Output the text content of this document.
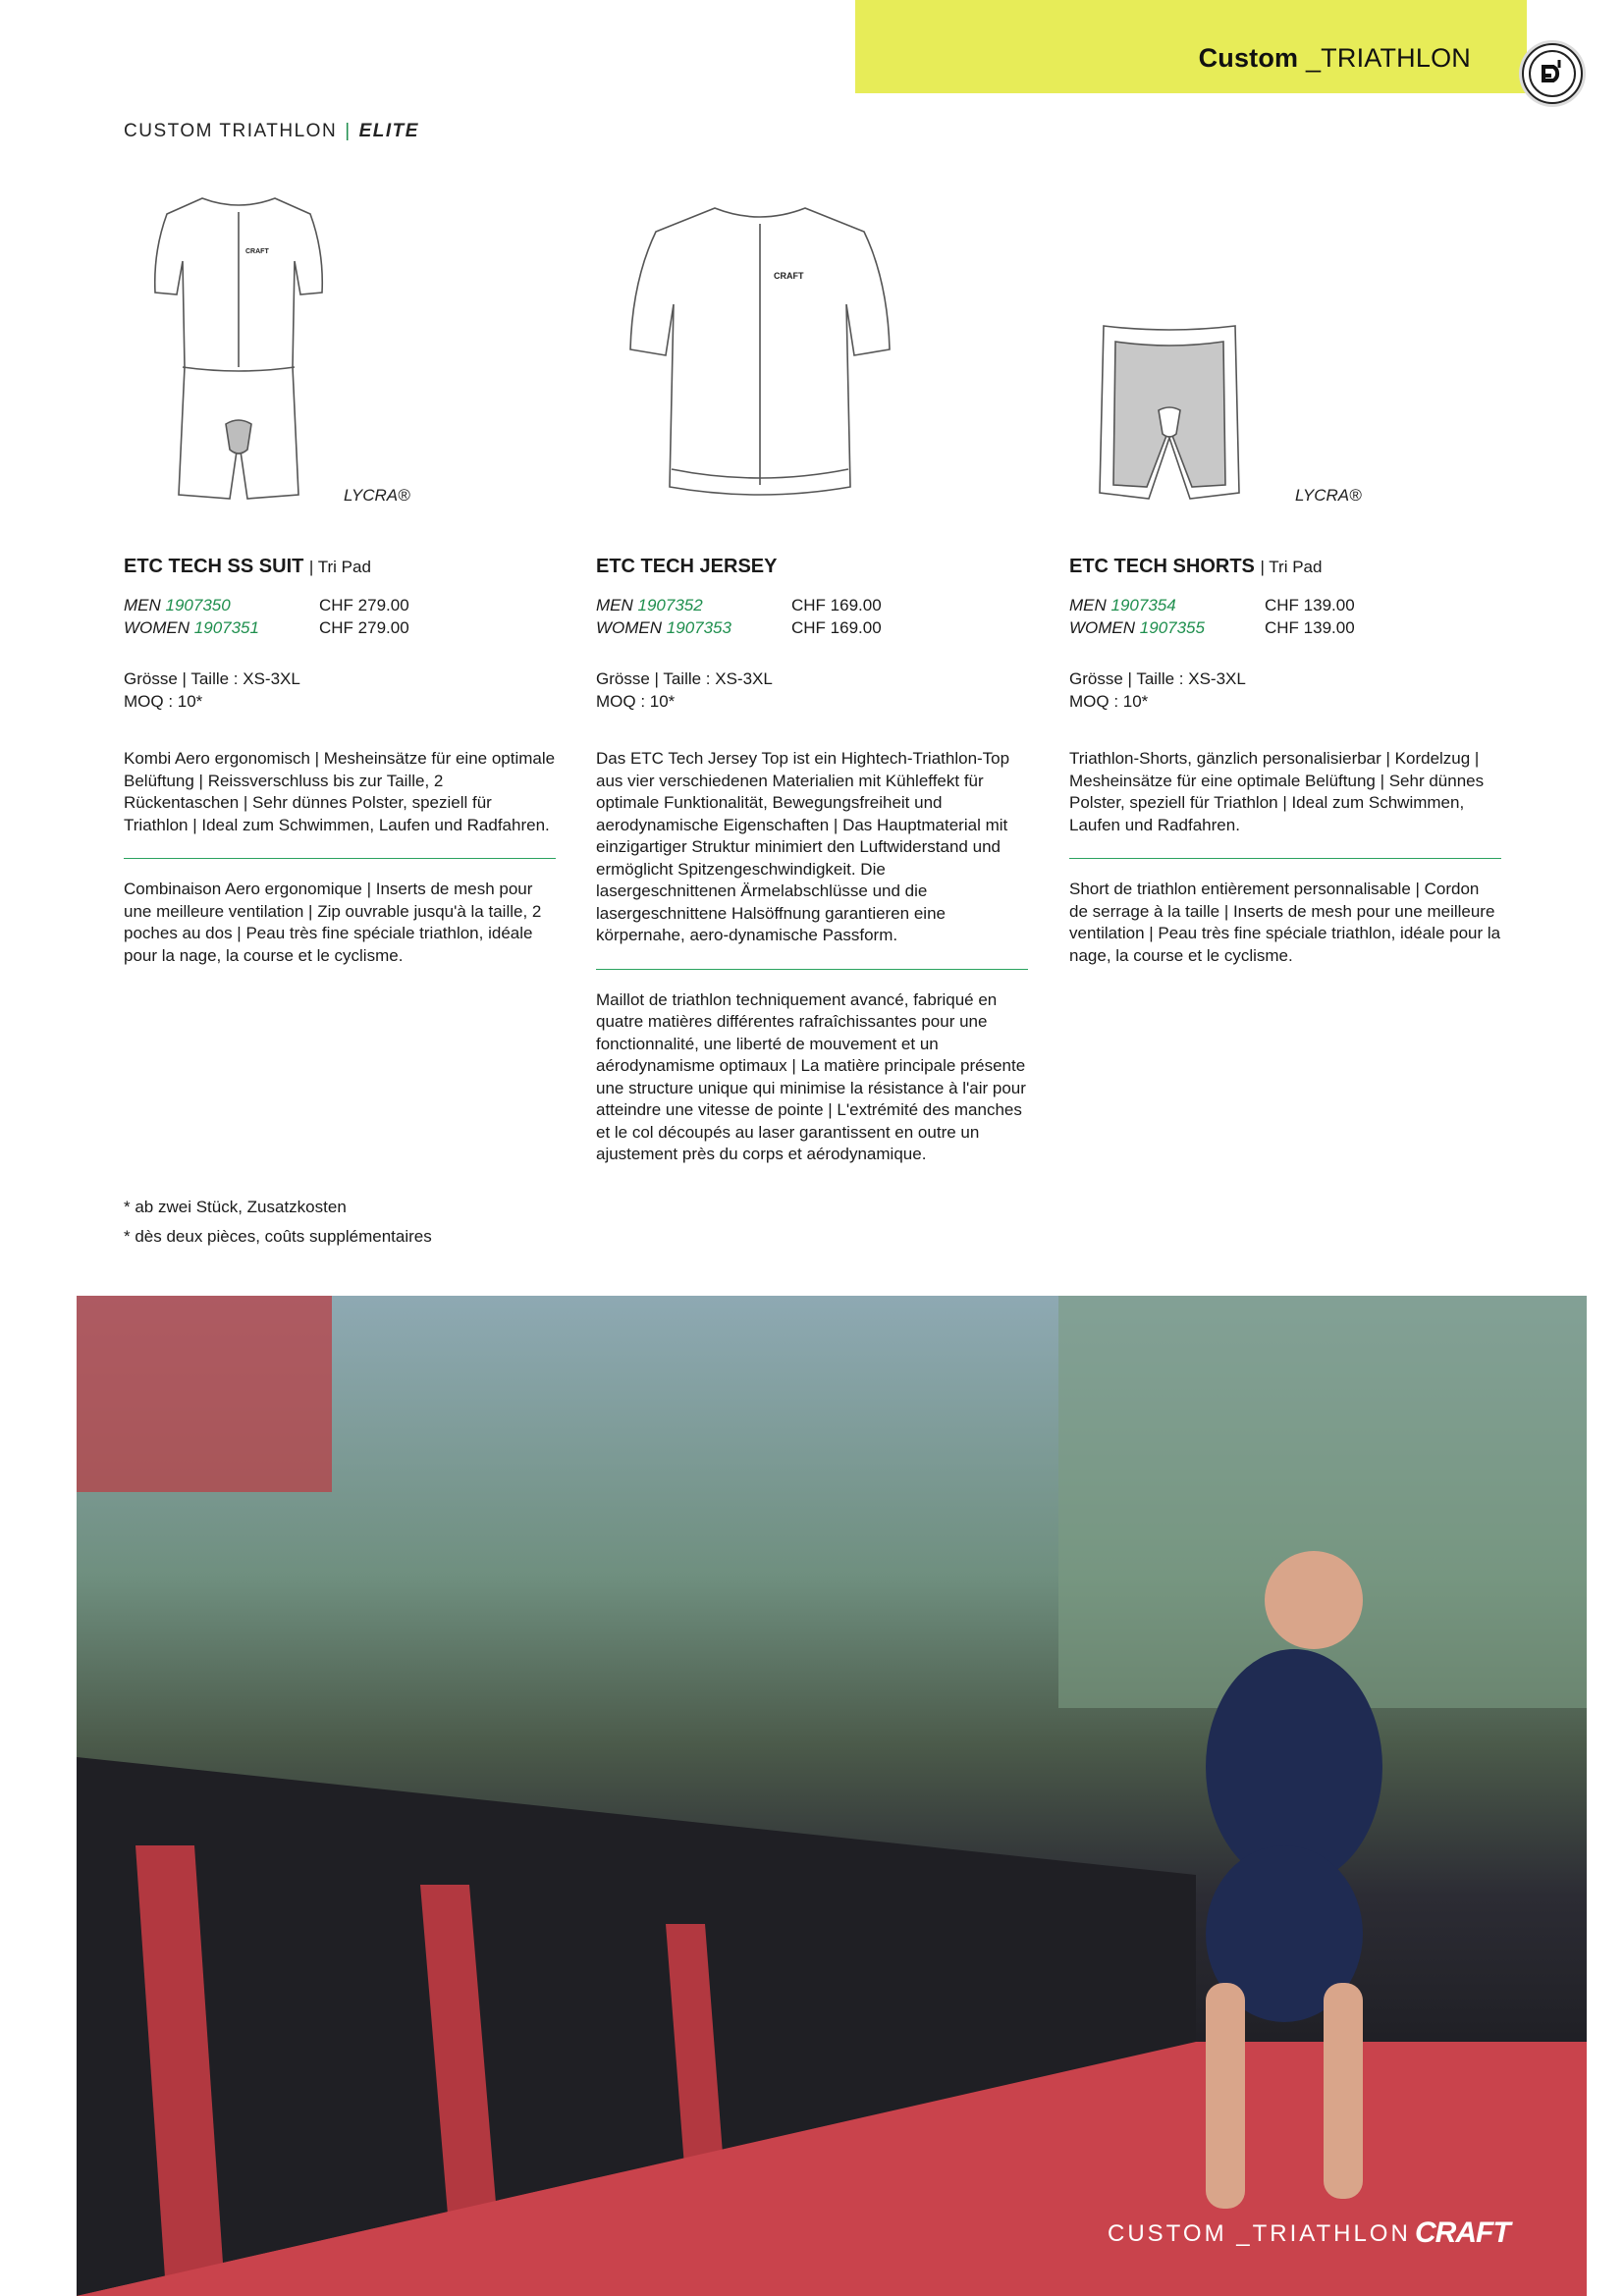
Custom _TRIATHLON
CUSTOM TRIATHLON | ELITE
CRAFT
LYCRA®
CRAFT
LYCRA®
ETC TECH SS SUIT | Tri Pad
MEN 1907350	CHF 279.00
WOMEN 1907351	CHF 279.00
Grösse | Taille : XS-3XL
MOQ : 10*
Kombi Aero ergonomisch | Mesheinsätze für eine optimale Belüftung | Reissverschluss bis zur Taille, 2 Rückentaschen | Sehr dünnes Polster, speziell für Triathlon | Ideal zum Schwimmen, Laufen und Radfahren.
Combinaison Aero ergonomique | Inserts de mesh pour une meilleure ventilation | Zip ouvrable jusqu'à la taille, 2 poches au dos | Peau très fine spéciale triathlon, idéale pour la nage, la course et le cyclisme.
ETC TECH JERSEY
MEN 1907352	CHF 169.00
WOMEN 1907353	CHF 169.00
Grösse | Taille : XS-3XL
MOQ : 10*
Das ETC Tech Jersey Top ist ein Hightech-Triathlon-Top aus vier verschiedenen Materialien mit Kühleffekt für optimale Funktionalität, Bewegungsfreiheit und aerodynamische Eigenschaften | Das Hauptmaterial mit einzigartiger Struktur minimiert den Luftwiderstand und ermöglicht Spitzengeschwindigkeit. Die lasergeschnittenen Ärmelabschlüsse und die lasergeschnittene Halsöffnung garantieren eine körpernahe, aero-dynamische Passform.
Maillot de triathlon techniquement avancé, fabriqué en quatre matières différentes rafraîchissantes pour une fonctionnalité, une liberté de mouvement et un aérodynamisme optimaux | La matière principale présente une structure unique qui minimise la résistance à l'air pour atteindre une vitesse de pointe | L'extrémité des manches et le col découpés au laser garantissent en outre un ajustement près du corps et aérodynamique.
ETC TECH SHORTS | Tri Pad
MEN 1907354	CHF 139.00
WOMEN 1907355	CHF 139.00
Grösse | Taille : XS-3XL
MOQ : 10*
Triathlon-Shorts, gänzlich personalisierbar | Kordelzug | Mesheinsätze für eine optimale Belüftung | Sehr dünnes Polster, speziell für Triathlon | Ideal zum Schwimmen, Laufen und Radfahren.
Short de triathlon entièrement personnalisable | Cordon de serrage à la taille | Inserts de mesh pour une meilleure ventilation | Peau très fine spéciale triathlon, idéale pour la nage, la course et le cyclisme.
* ab zwei Stück, Zusatzkosten
* dès deux pièces, coûts supplémentaires
CUSTOM _TRIATHLON CRAFT
